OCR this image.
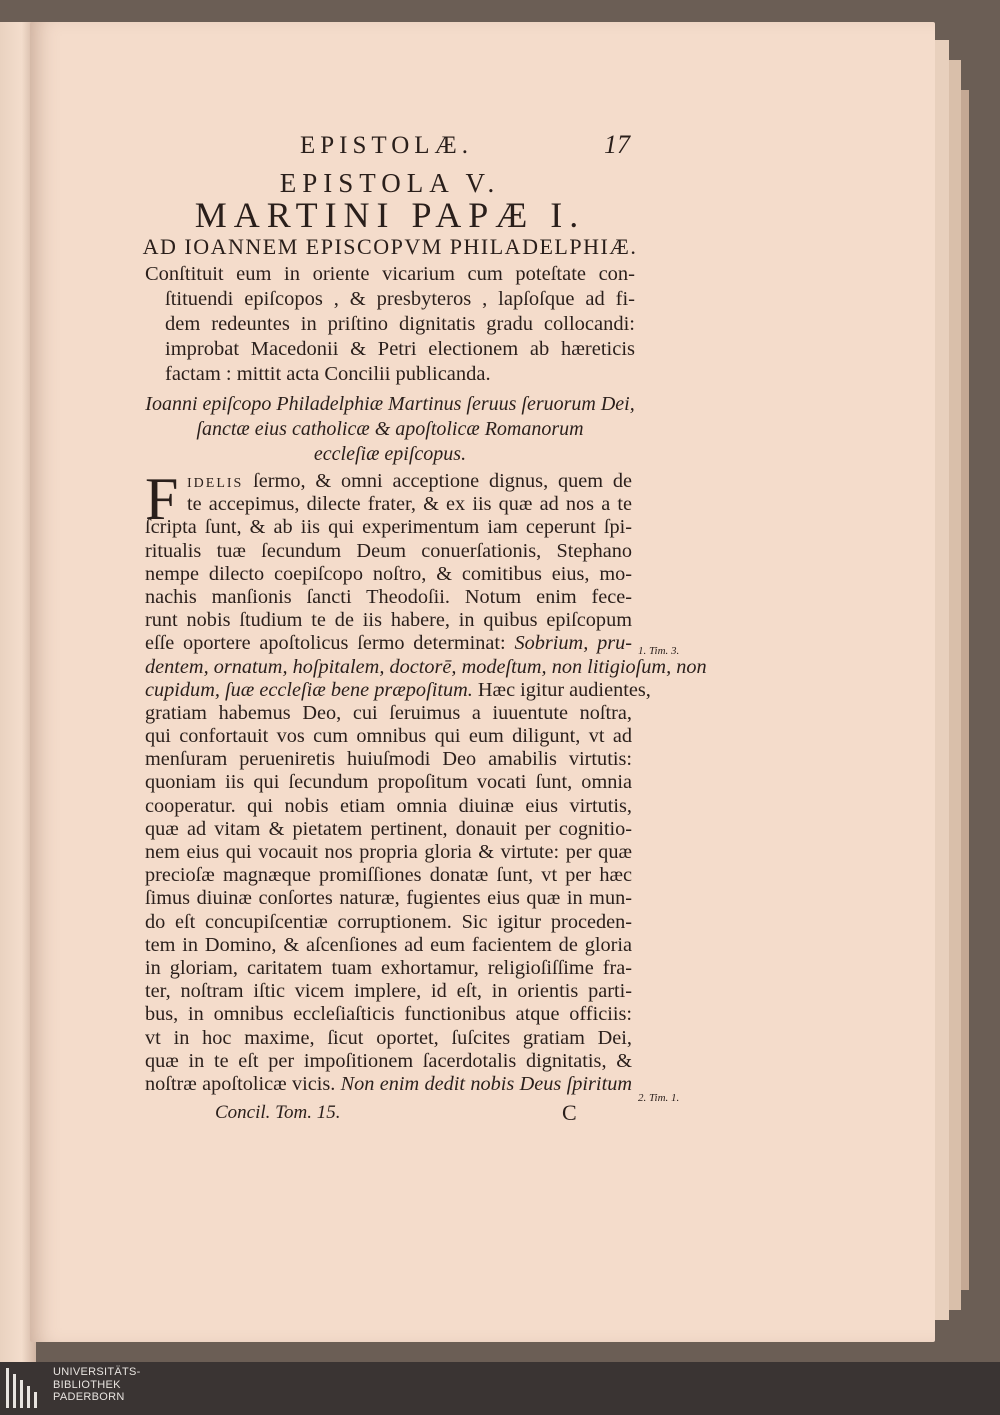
EPISTOLÆ.	17
EPISTOLA V.
MARTINI PAPÆ I.
AD IOANNEM EPISCOPVM PHILADELPHIÆ.
Conſtituit eum in oriente vicarium cum poteſtate con-
ſtituendi epiſcopos , & presbyteros , lapſoſque ad fi-
dem redeuntes in priſtino dignitatis gradu collocandi:
improbat Macedonii & Petri electionem ab hæreticis
factam : mittit acta Concilii publicanda.
Ioanni epiſcopo Philadelphiæ Martinus ſeruus ſeruorum Dei,
ſanctæ eius catholicæ & apoſtolicæ Romanorum
eccleſiæ epiſcopus.
F IDELIS ſermo, & omni acceptione dignus, quem de
te accepimus, dilecte frater, & ex iis quæ ad nos a te
ſcripta ſunt, & ab iis qui experimentum iam ceperunt ſpi-
ritualis tuæ ſecundum Deum conuerſationis, Stephano
nempe dilecto coepiſcopo noſtro, & comitibus eius, mo-
nachis manſionis ſancti Theodoſii. Notum enim fece-
runt nobis ſtudium te de iis habere, in quibus epiſcopum
eſſe oportere apoſtolicus ſermo determinat: Sobrium, pru-
dentem, ornatum, hoſpitalem, doctorē, modeſtum, non litigioſum, non
cupidum, ſuæ eccleſiæ bene præpoſitum. Hæc igitur audientes,
gratiam habemus Deo, cui ſeruimus a iuuentute noſtra,
qui confortauit vos cum omnibus qui eum diligunt, vt ad
menſuram perueniretis huiuſmodi Deo amabilis virtutis:
quoniam iis qui ſecundum propoſitum vocati ſunt, omnia
cooperatur. qui nobis etiam omnia diuinæ eius virtutis,
quæ ad vitam & pietatem pertinent, donauit per cognitio-
nem eius qui vocauit nos propria gloria & virtute: per quæ
precioſæ magnæque promiſſiones donatæ ſunt, vt per hæc
ſimus diuinæ conſortes naturæ, fugientes eius quæ in mun-
do eſt concupiſcentiæ corruptionem. Sic igitur proceden-
tem in Domino, & aſcenſiones ad eum facientem de gloria
in gloriam, caritatem tuam exhortamur, religioſiſſime fra-
ter, noſtram iſtic vicem implere, id eſt, in orientis parti-
bus, in omnibus eccleſiaſticis functionibus atque officiis:
vt in hoc maxime, ſicut oportet, ſuſcites gratiam Dei,
quæ in te eſt per impoſitionem ſacerdotalis dignitatis, &
noſtræ apoſtolicæ vicis. Non enim dedit nobis Deus ſpiritum
1. Tim. 3.
2. Tim. 1.
Concil. Tom. 15.	C
UNIVERSITÄTS-
BIBLIOTHEK
PADERBORN
